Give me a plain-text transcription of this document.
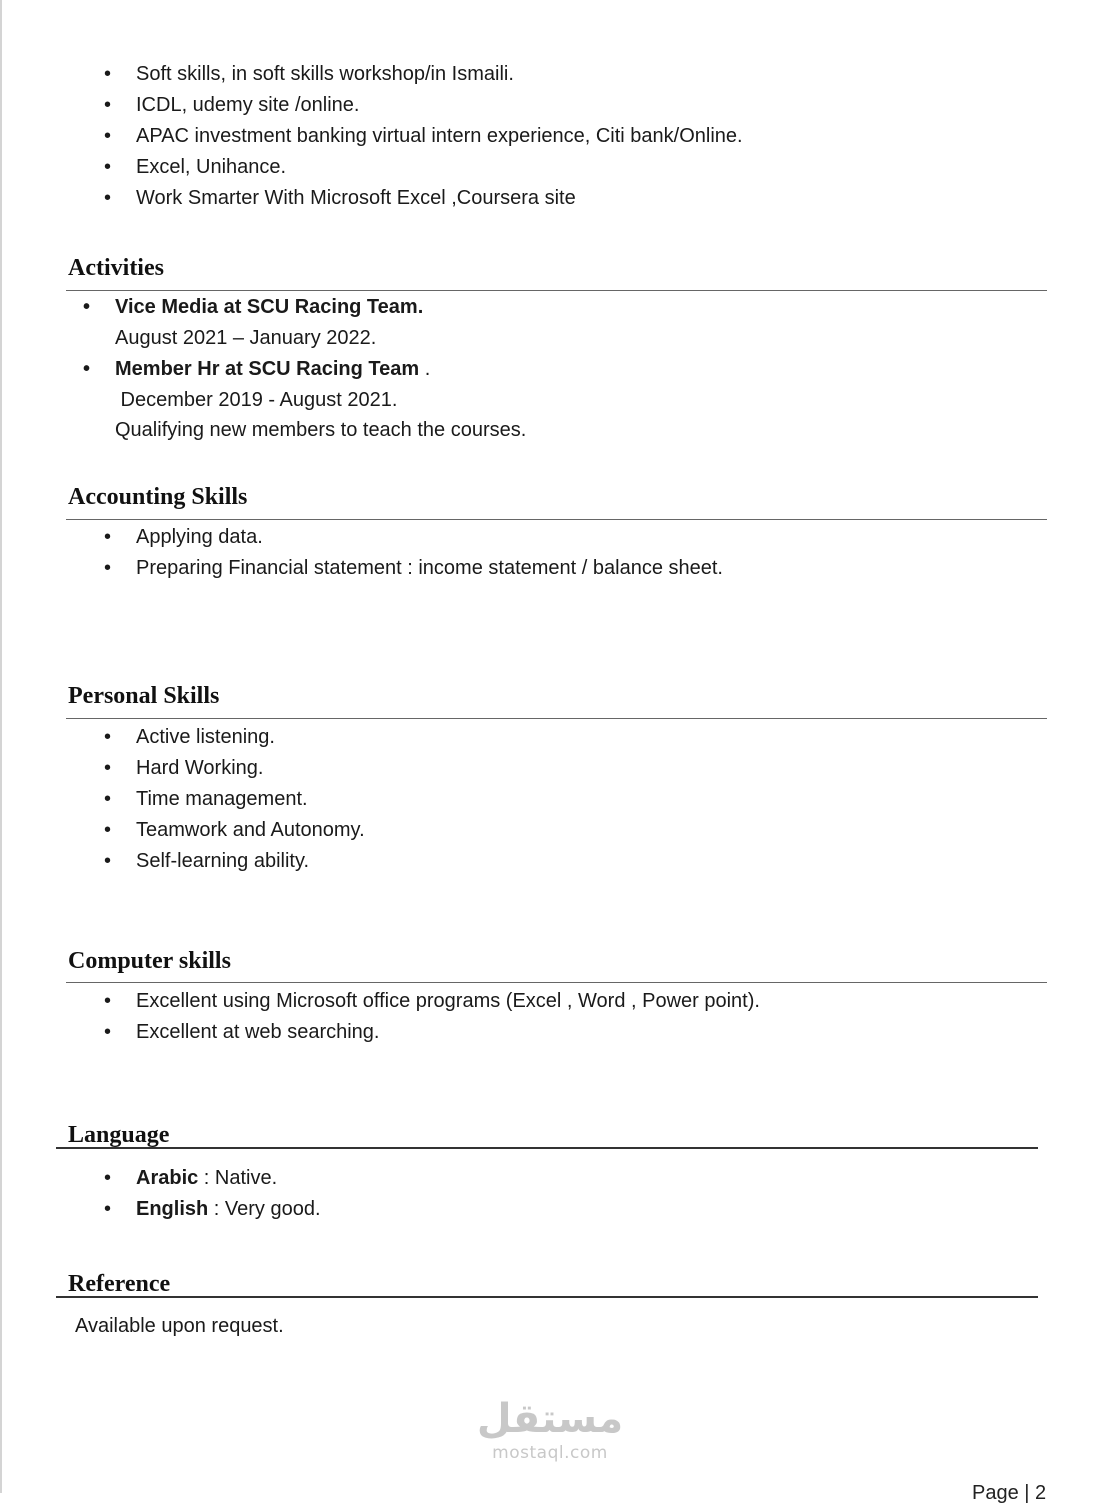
• Soft skills, in soft skills workshop/in Ismaili.
• ICDL, udemy site /online.
• APAC investment banking virtual intern experience, Citi bank/Online.
• Excel, Unihance.
• Work Smarter With Microsoft Excel ,Coursera site
Activities
• Vice Media at SCU Racing Team.
August 2021 – January 2022.
• Member Hr at SCU Racing Team .
December 2019 - August 2021.
Qualifying new members to teach the courses.
Accounting Skills
• Applying data.
• Preparing Financial statement : income statement / balance sheet.
Personal Skills
• Active listening.
• Hard Working.
• Time management.
• Teamwork and Autonomy.
• Self-learning ability.
Computer skills
• Excellent using Microsoft office programs (Excel , Word , Power point).
• Excellent at web searching.
Language
• Arabic : Native.
• English : Very good.
Reference
Available upon request.
مستقل
mostaql.com
Page | 2
